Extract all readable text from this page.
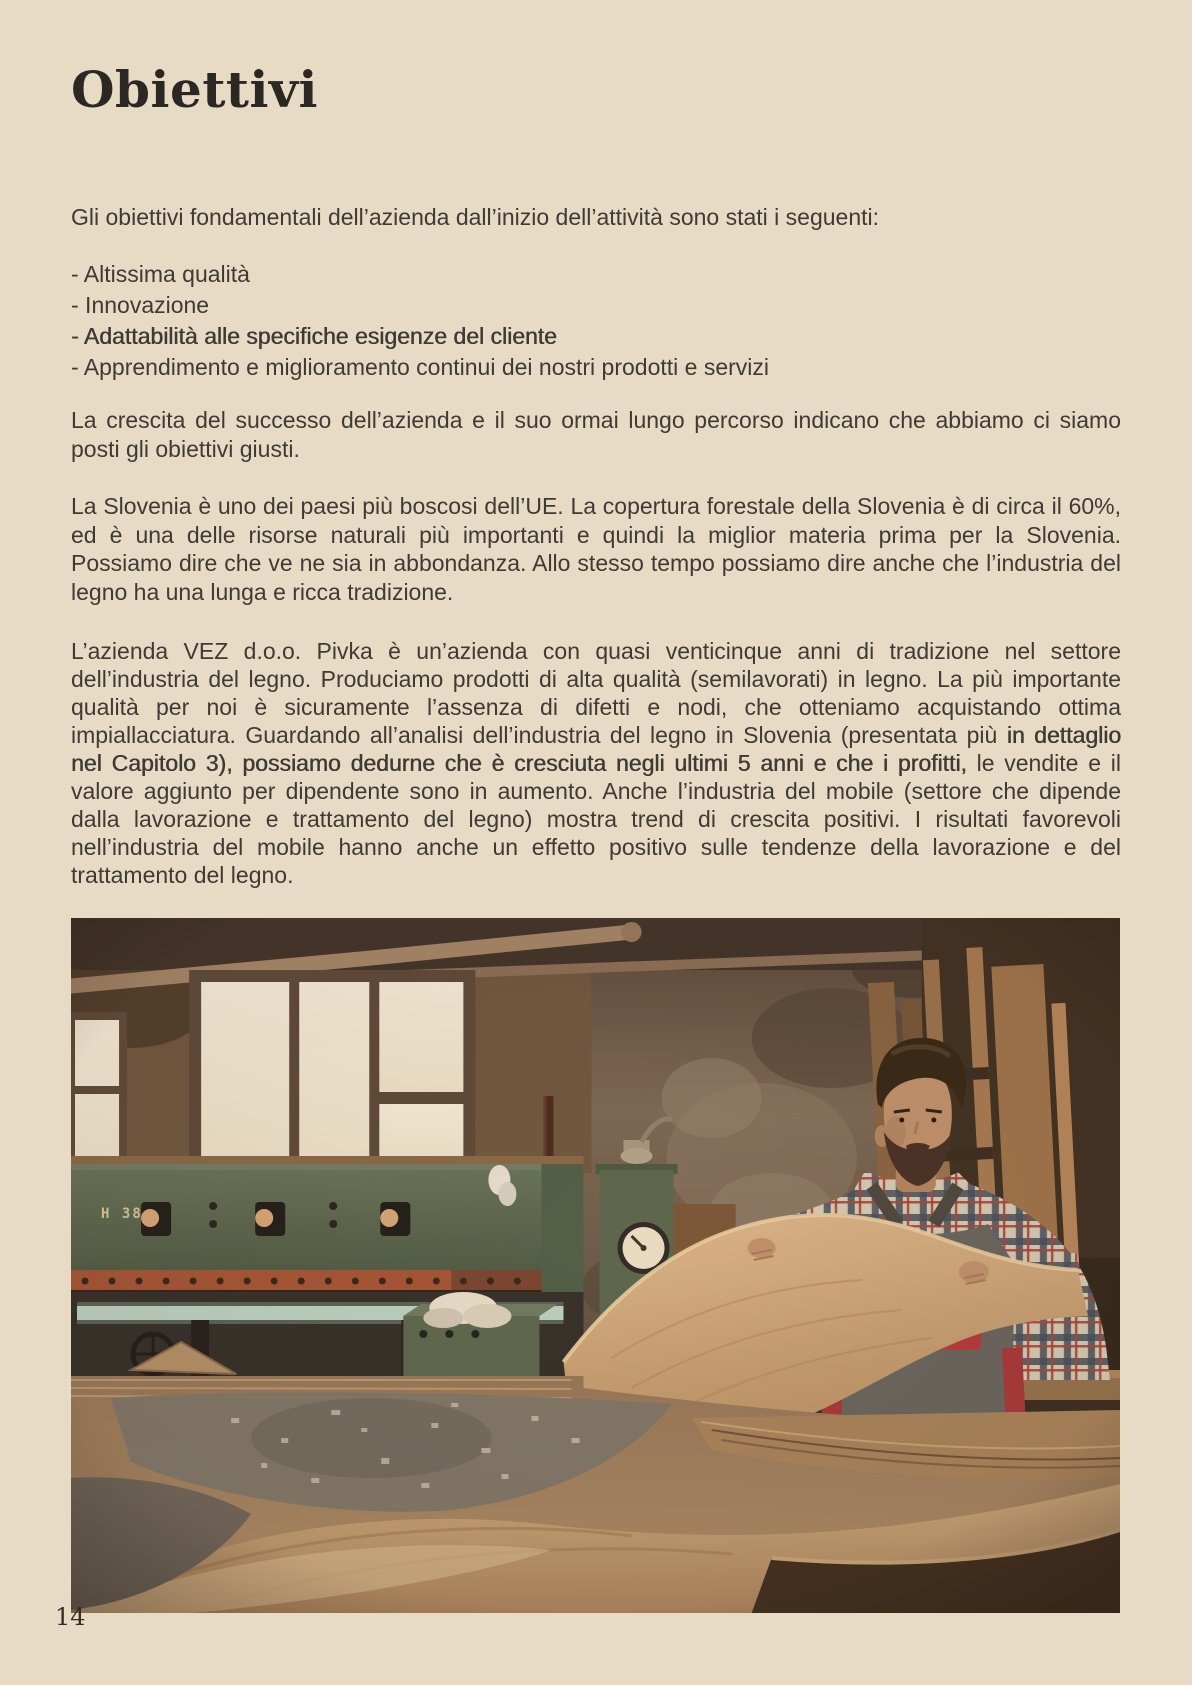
Obiettivi

Gli obiettivi fondamentali dell’azienda dall’inizio dell’attività sono stati i seguenti:

- Altissima qualità
- Innovazione
- Adattabilità alle specifiche esigenze del cliente
- Apprendimento e miglioramento continui dei nostri prodotti e servizi

La crescita del successo dell’azienda e il suo ormai lungo percorso indicano che abbiamo ci siamo posti gli obiettivi giusti.

La Slovenia è uno dei paesi più boscosi dell’UE. La copertura forestale della Slovenia è di circa il 60%, ed è una delle risorse naturali più importanti e quindi la miglior materia prima per la Slovenia. Possiamo dire che ve ne sia in abbondanza. Allo stesso tempo possiamo dire anche che l’industria del legno ha una lunga e ricca tradizione.

L’azienda VEZ d.o.o. Pivka è un’azienda con quasi venticinque anni di tradizione nel settore dell’industria del legno. Produciamo prodotti di alta qualità (semilavorati) in legno. La più importante qualità per noi è sicuramente l’assenza di difetti e nodi, che otteniamo acquistando ottima impiallacciatura. Guardando all’analisi dell’industria del legno in Slovenia (presentata più in dettaglio nel Capitolo 3), possiamo dedurne che è cresciuta negli ultimi 5 anni e che i profitti, le vendite e il valore aggiunto per dipendente sono in aumento. Anche l’industria del mobile (settore che dipende dalla lavorazione e trattamento del legno) mostra trend di crescita positivi. I risultati favorevoli nell’industria del mobile hanno anche un effetto positivo sulle tendenze della lavorazione e del trattamento del legno.

14
